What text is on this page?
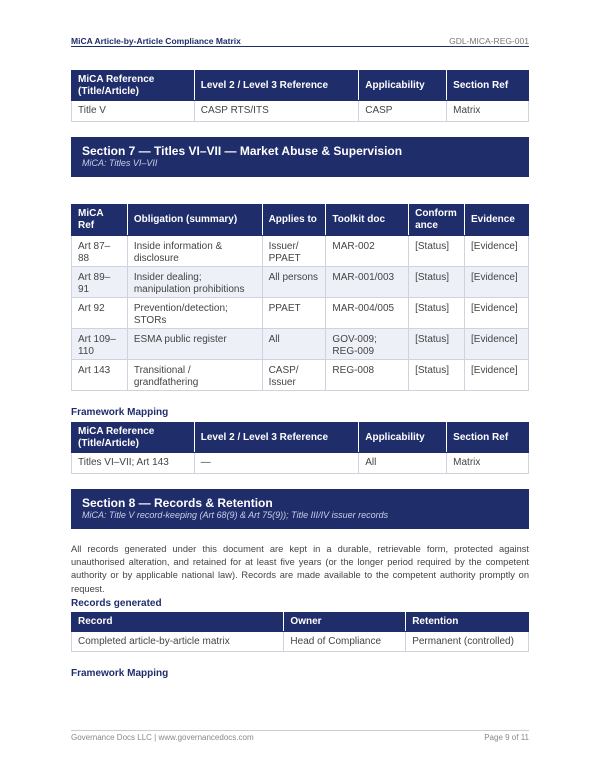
MiCA Article-by-Article Compliance Matrix	GDL-MICA-REG-001
MiCA Reference (Title/Article)	Level 2 / Level 3 Reference	Applicability	Section Ref
Title V	CASP RTS/ITS	CASP	Matrix
Section 7 — Titles VI–VII — Market Abuse & Supervision
MiCA: Titles VI–VII
MiCA Ref	Obligation (summary)	Applies to	Toolkit doc	Conformance	Evidence
Art 87–88	Inside information & disclosure	Issuer/ PPAET	MAR-002	[Status]	[Evidence]
Art 89–91	Insider dealing; manipulation prohibitions	All persons	MAR-001/003	[Status]	[Evidence]
Art 92	Prevention/detection; STORs	PPAET	MAR-004/005	[Status]	[Evidence]
Art 109–110	ESMA public register	All	GOV-009; REG-009	[Status]	[Evidence]
Art 143	Transitional / grandfathering	CASP/ Issuer	REG-008	[Status]	[Evidence]
Framework Mapping
MiCA Reference (Title/Article)	Level 2 / Level 3 Reference	Applicability	Section Ref
Titles VI–VII; Art 143	—	All	Matrix
Section 8 — Records & Retention
MiCA: Title V record-keeping (Art 68(9) & Art 75(9)); Title III/IV issuer records

All records generated under this document are kept in a durable, retrievable form, protected against unauthorised alteration, and retained for at least five years (or the longer period required by the competent authority or by applicable national law). Records are made available to the competent authority promptly on request.

Records generated
Record	Owner	Retention
Completed article-by-article matrix	Head of Compliance	Permanent (controlled)
Framework Mapping
Governance Docs LLC | www.governancedocs.com	Page 9 of 11
